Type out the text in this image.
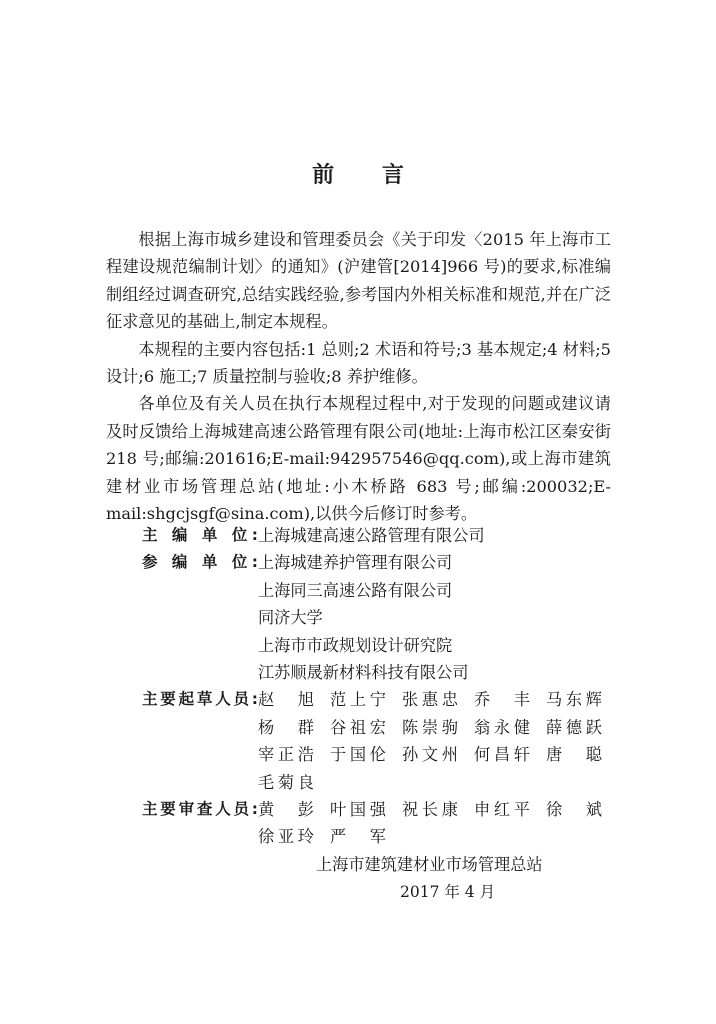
前 言

根据上海市城乡建设和管理委员会《关于印发〈2015 年上海市工程建设规范编制计划〉的通知》(沪建管[2014]966 号)的要求,标准编制组经过调查研究,总结实践经验,参考国内外相关标准和规范,并在广泛征求意见的基础上,制定本规程。

本规程的主要内容包括:1 总则;2 术语和符号;3 基本规定;4 材料;5 设计;6 施工;7 质量控制与验收;8 养护维修。

各单位及有关人员在执行本规程过程中,对于发现的问题或建议请及时反馈给上海城建高速公路管理有限公司(地址:上海市松江区秦安街 218 号;邮编:201616;E-mail:942957546@qq.com),或上海市建筑建材业市场管理总站(地址:小木桥路 683 号;邮编:200032;E-mail:shgcjsgf@sina.com),以供今后修订时参考。

主 编 单 位: 上海城建高速公路管理有限公司
参 编 单 位: 上海城建养护管理有限公司
上海同三高速公路有限公司
同济大学
上海市市政规划设计研究院
江苏顺晟新材料科技有限公司
主要起草人员: 赵 旭 范上宁 张惠忠 乔 丰 马东辉
杨 群 谷祖宏 陈崇驹 翁永健 薛德跃
宰正浩 于国伦 孙文州 何昌轩 唐 聪
毛菊良
主要审查人员: 黄 彭 叶国强 祝长康 申红平 徐 斌
徐亚玲 严 军
上海市建筑建材业市场管理总站
2017 年 4 月
